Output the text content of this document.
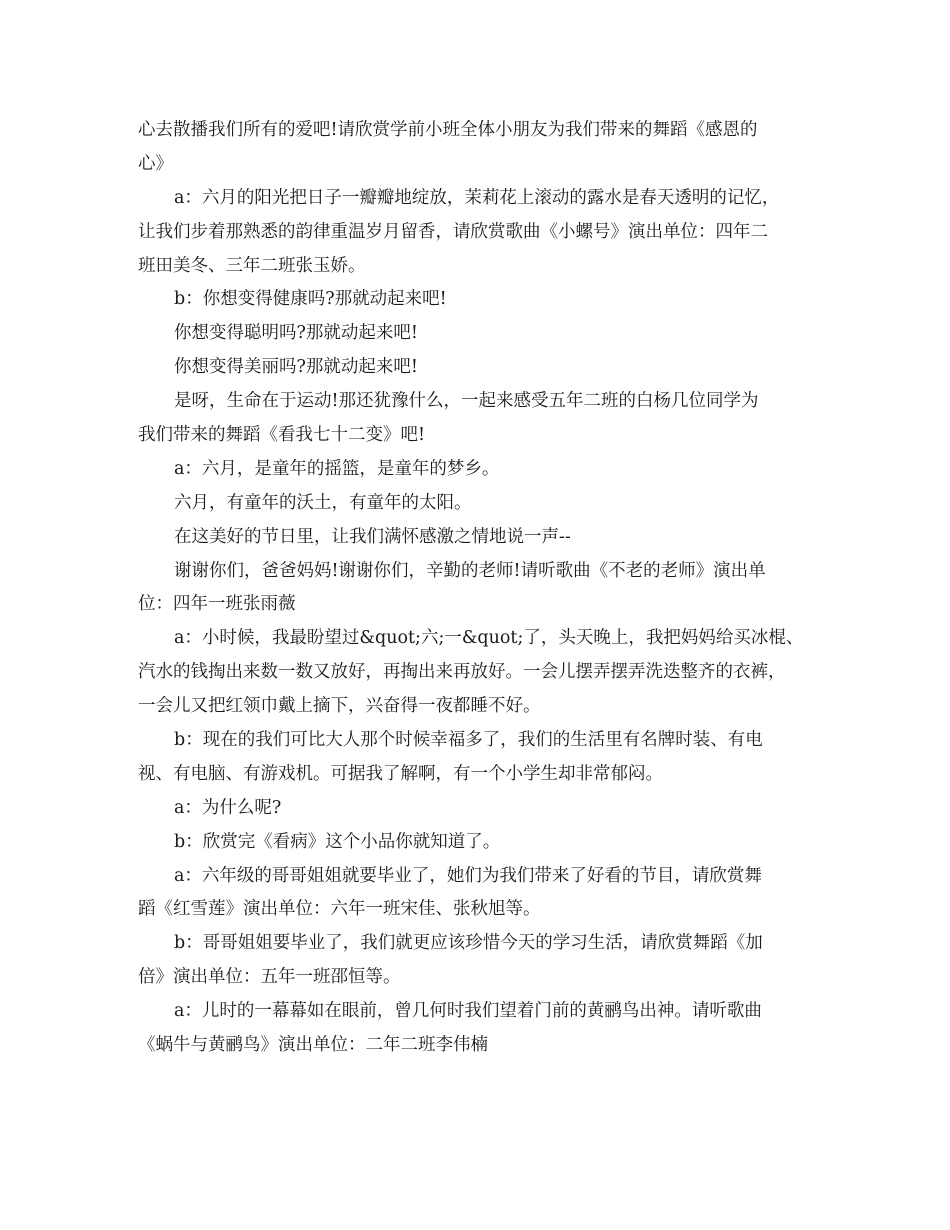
心去散播我们所有的爱吧!请欣赏学前小班全体小朋友为我们带来的舞蹈《感恩的
心》
a：六月的阳光把日子一瓣瓣地绽放，茉莉花上滚动的露水是春天透明的记忆，
让我们步着那熟悉的韵律重温岁月留香，请欣赏歌曲《小螺号》演出单位：四年二
班田美冬、三年二班张玉娇。
b：你想变得健康吗?那就动起来吧!
你想变得聪明吗?那就动起来吧!
你想变得美丽吗?那就动起来吧!
是呀，生命在于运动!那还犹豫什么，一起来感受五年二班的白杨几位同学为
我们带来的舞蹈《看我七十二变》吧!
a：六月，是童年的摇篮，是童年的梦乡。
六月，有童年的沃土，有童年的太阳。
在这美好的节日里，让我们满怀感激之情地说一声--
谢谢你们，爸爸妈妈!谢谢你们，辛勤的老师!请听歌曲《不老的老师》演出单
位：四年一班张雨薇
a：小时候，我最盼望过&quot;六;一&quot;了，头天晚上，我把妈妈给买冰棍、
汽水的钱掏出来数一数又放好，再掏出来再放好。一会儿摆弄摆弄洗迭整齐的衣裤，
一会儿又把红领巾戴上摘下，兴奋得一夜都睡不好。
b：现在的我们可比大人那个时候幸福多了，我们的生活里有名牌时装、有电
视、有电脑、有游戏机。可据我了解啊，有一个小学生却非常郁闷。
a：为什么呢?
b：欣赏完《看病》这个小品你就知道了。
a：六年级的哥哥姐姐就要毕业了，她们为我们带来了好看的节目，请欣赏舞
蹈《红雪莲》演出单位：六年一班宋佳、张秋旭等。
b：哥哥姐姐要毕业了，我们就更应该珍惜今天的学习生活，请欣赏舞蹈《加
倍》演出单位：五年一班邵恒等。
a：儿时的一幕幕如在眼前，曾几何时我们望着门前的黄鹂鸟出神。请听歌曲
《蜗牛与黄鹂鸟》演出单位：二年二班李伟楠
